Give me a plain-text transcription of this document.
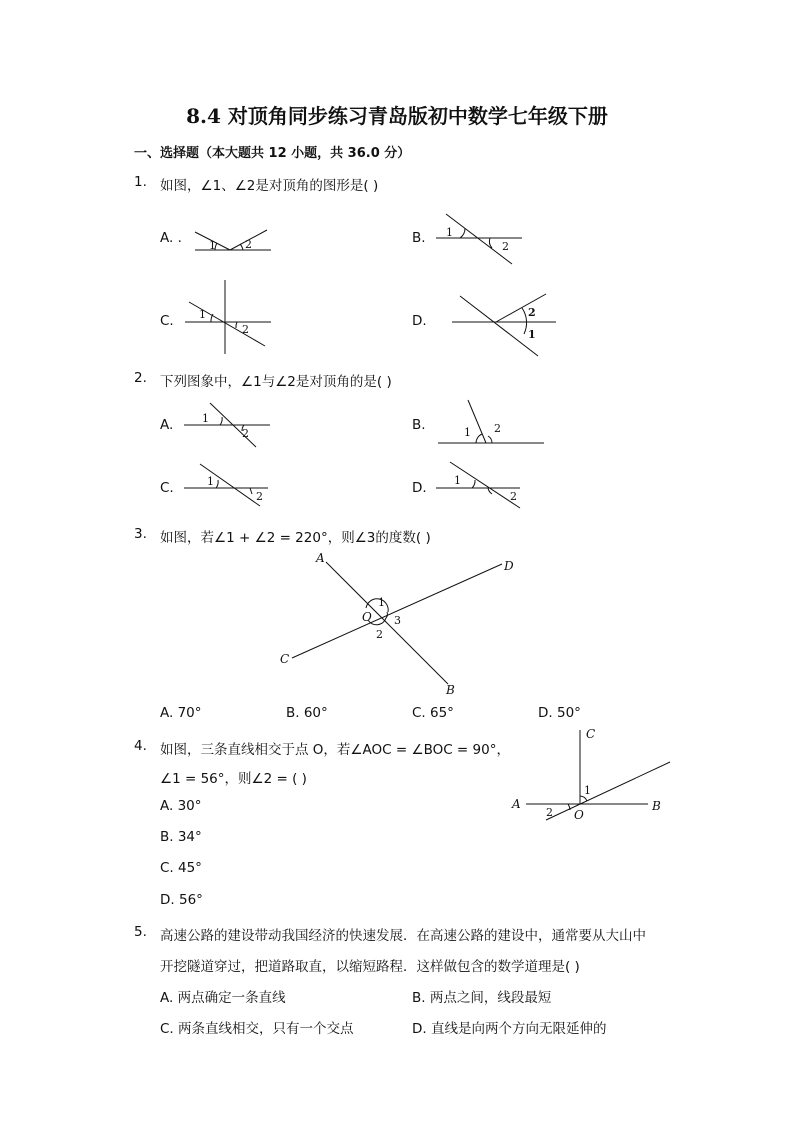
8.4 对顶角同步练习青岛版初中数学七年级下册
一、选择题（本大题共 12 小题，共 36.0 分）
1. 如图，∠1、∠2是对顶角的图形是( )
A. . 1	2	B. 1
2
C. 1
2
D.
2
1
2. 下列图象中，∠1与∠2是对顶角的是( )
A.	1
2
B.	1 2
C.	1
2
D. 1
2
3. 如图，若∠1 + ∠2 = 220°，则∠3的度数( )
A
D
C
B
O
1
2
3
A. 70°	B. 60°	C. 65°	D. 50°
4. 如图，三条直线相交于点 O，若∠AOC = ∠BOC = 90°，
∠1 = 56°，则∠2 = ( )
A. 30°
B. 34°
C. 45°
D. 56°
C
A	B
O
1
2
5. 高速公路的建设带动我国经济的快速发展．在高速公路的建设中，通常要从大山中
开挖隧道穿过，把道路取直，以缩短路程．这样做包含的数学道理是( )
A. 两点确定一条直线	B. 两点之间，线段最短
C. 两条直线相交，只有一个交点	D. 直线是向两个方向无限延伸的
